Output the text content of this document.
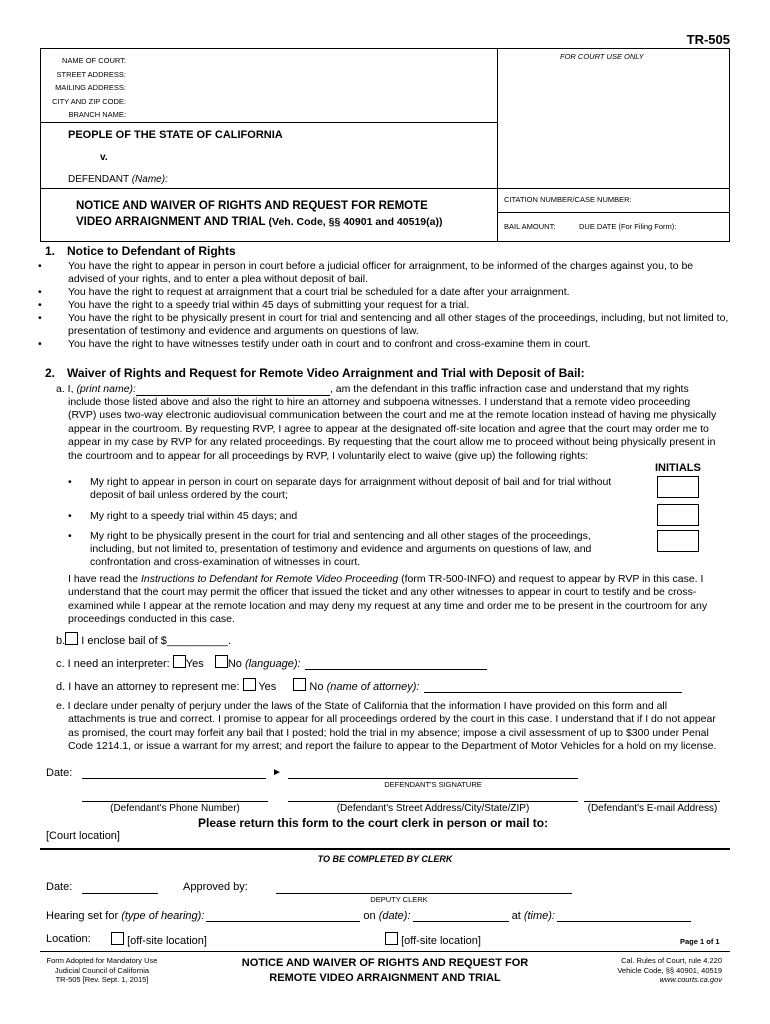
TR-505
NAME OF COURT:
STREET ADDRESS:
MAILING ADDRESS:
CITY AND ZIP CODE:
BRANCH NAME:
FOR COURT USE ONLY
PEOPLE OF THE STATE OF CALIFORNIA
v.
DEFENDANT (Name):
NOTICE AND WAIVER OF RIGHTS AND REQUEST FOR REMOTE
VIDEO ARRAIGNMENT AND TRIAL (Veh. Code, §§ 40901 and 40519(a))
CITATION NUMBER/CASE NUMBER:
BAIL AMOUNT:	DUE DATE (For Filing Form):
1. Notice to Defendant of Rights
• You have the right to appear in person in court before a judicial officer for arraignment, to be informed of the charges against you, to be advised of your rights, and to enter a plea without deposit of bail.
• You have the right to request at arraignment that a court trial be scheduled for a date after your arraignment.
• You have the right to a speedy trial within 45 days of submitting your request for a trial.
• You have the right to be physically present in court for trial and sentencing and all other stages of the proceedings, including, but not limited to, presentation of testimony and evidence and arguments on questions of law.
• You have the right to have witnesses testify under oath in court and to confront and cross-examine them in court.
2. Waiver of Rights and Request for Remote Video Arraignment and Trial with Deposit of Bail:
a. I, (print name):	, am the defendant in this traffic infraction case and understand that my rights
include those listed above and also the right to hire an attorney and subpoena witnesses. I understand that a remote video proceeding (RVP) uses two-way electronic audiovisual communication between the court and me at the remote location instead of having me physically appear in the courtroom. By requesting RVP, I agree to appear at the designated off-site location and agree that the court may order me to appear in my case by RVP for any related proceedings. By requesting that the court allow me to proceed without being physically present in the courtroom and to appear for all proceedings by RVP, I voluntarily elect to waive (give up) the following rights:
INITIALS
• My right to appear in person in court on separate days for arraignment without deposit of bail and for trial without deposit of bail unless ordered by the court;
• My right to a speedy trial within 45 days; and
• My right to be physically present in the court for trial and sentencing and all other stages of the proceedings, including, but not limited to, presentation of testimony and evidence and arguments on questions of law, and confrontation and cross-examination of witnesses in court.
I have read the Instructions to Defendant for Remote Video Proceeding (form TR-500-INFO) and request to appear by RVP in this case. I understand that the court may permit the officer that issued the ticket and any other witnesses to appear in court to testify and be cross-examined while I appear at the remote location and may deny my request at any time and order me to be present in the courtroom for any proceedings conducted in this case.
b. I enclose bail of $__________.
c. I need an interpreter: Yes No (language):
d. I have an attorney to represent me:  Yes	No (name of attorney):
e. I declare under penalty of perjury under the laws of the State of California that the information I have provided on this form and all attachments is true and correct. I promise to appear for all proceedings ordered by the court in this case. I understand that if I do not appear as promised, the court may forfeit any bail that I posted; hold the trial in my absence; impose a civil assessment of up to $300 under Penal Code 1214.1, or issue a warrant for my arrest; and report the failure to appear to the Department of Motor Vehicles for a hold on my license.
Date:	►
DEFENDANT'S SIGNATURE
(Defendant's Phone Number)	(Defendant's Street Address/City/State/ZIP)	(Defendant's E-mail Address)
Please return this form to the court clerk in person or mail to:
[Court location]
TO BE COMPLETED BY CLERK
Date:	Approved by:
DEPUTY CLERK
Hearing set for (type of hearing):	on (date):	at (time):
Location:	[off-site location]	[off-site location]	Page 1 of 1
Form Adopted for Mandatory Use
Judicial Council of California
TR-505 [Rev. Sept. 1, 2015]
NOTICE AND WAIVER OF RIGHTS AND REQUEST FOR
REMOTE VIDEO ARRAIGNMENT AND TRIAL
Cal. Rules of Court, rule 4.220
Vehicle Code, §§ 40901, 40519
www.courts.ca.gov
